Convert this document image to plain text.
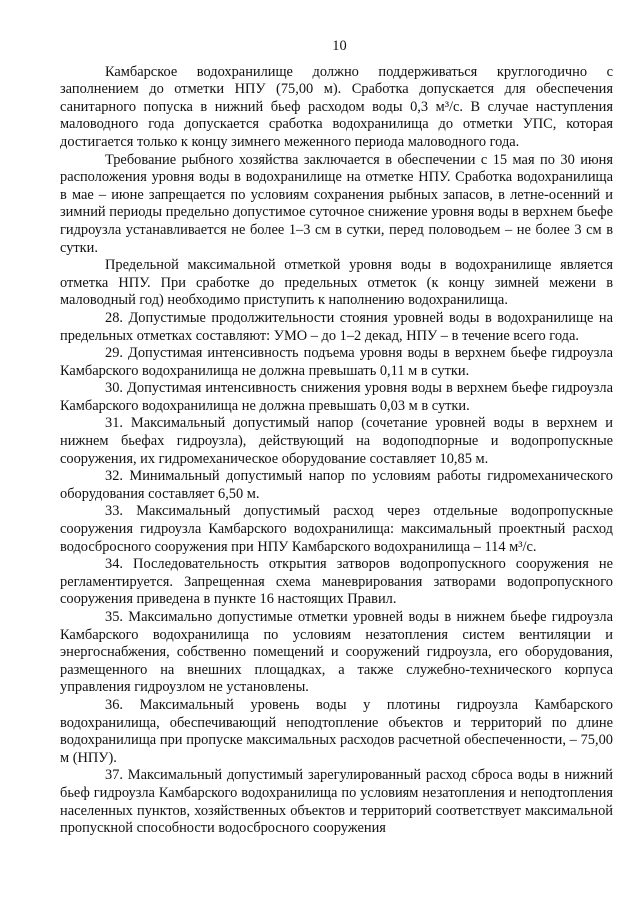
10

Камбарское водохранилище должно поддерживаться круглогодично с заполнением до отметки НПУ (75,00 м). Сработка допускается для обеспечения санитарного попуска в нижний бьеф расходом воды 0,3 м³/с. В случае наступления маловодного года допускается сработка водохранилища до отметки УПС, которая достигается только к концу зимнего меженного периода маловодного года.

Требование рыбного хозяйства заключается в обеспечении с 15 мая по 30 июня расположения уровня воды в водохранилище на отметке НПУ. Сработка водохранилища в мае – июне запрещается по условиям сохранения рыбных запасов, в летне-осенний и зимний периоды предельно допустимое суточное снижение уровня воды в верхнем бьефе гидроузла устанавливается не более 1–3 см в сутки, перед половодьем – не более 3 см в сутки.

Предельной максимальной отметкой уровня воды в водохранилище является отметка НПУ. При сработке до предельных отметок (к концу зимней межени в маловодный год) необходимо приступить к наполнению водохранилища.

28. Допустимые продолжительности стояния уровней воды в водохранилище на предельных отметках составляют: УМО – до 1–2 декад, НПУ – в течение всего года.

29. Допустимая интенсивность подъема уровня воды в верхнем бьефе гидроузла Камбарского водохранилища не должна превышать 0,11 м в сутки.

30. Допустимая интенсивность снижения уровня воды в верхнем бьефе гидроузла Камбарского водохранилища не должна превышать 0,03 м в сутки.

31. Максимальный допустимый напор (сочетание уровней воды в верхнем и нижнем бьефах гидроузла), действующий на водоподпорные и водопропускные сооружения, их гидромеханическое оборудование составляет 10,85 м.

32. Минимальный допустимый напор по условиям работы гидромеханического оборудования составляет 6,50 м.

33. Максимальный допустимый расход через отдельные водопропускные сооружения гидроузла Камбарского водохранилища: максимальный проектный расход водосбросного сооружения при НПУ Камбарского водохранилища – 114 м³/с.

34. Последовательность открытия затворов водопропускного сооружения не регламентируется. Запрещенная схема маневрирования затворами водопропускного сооружения приведена в пункте 16 настоящих Правил.

35. Максимально допустимые отметки уровней воды в нижнем бьефе гидроузла Камбарского водохранилища по условиям незатопления систем вентиляции и энергоснабжения, собственно помещений и сооружений гидроузла, его оборудования, размещенного на внешних площадках, а также служебно-технического корпуса управления гидроузлом не установлены.

36. Максимальный уровень воды у плотины гидроузла Камбарского водохранилища, обеспечивающий неподтопление объектов и территорий по длине водохранилища при пропуске максимальных расходов расчетной обеспеченности, – 75,00 м (НПУ).

37. Максимальный допустимый зарегулированный расход сброса воды в нижний бьеф гидроузла Камбарского водохранилища по условиям незатопления и неподтопления населенных пунктов, хозяйственных объектов и территорий соответствует максимальной пропускной способности водосбросного сооружения
